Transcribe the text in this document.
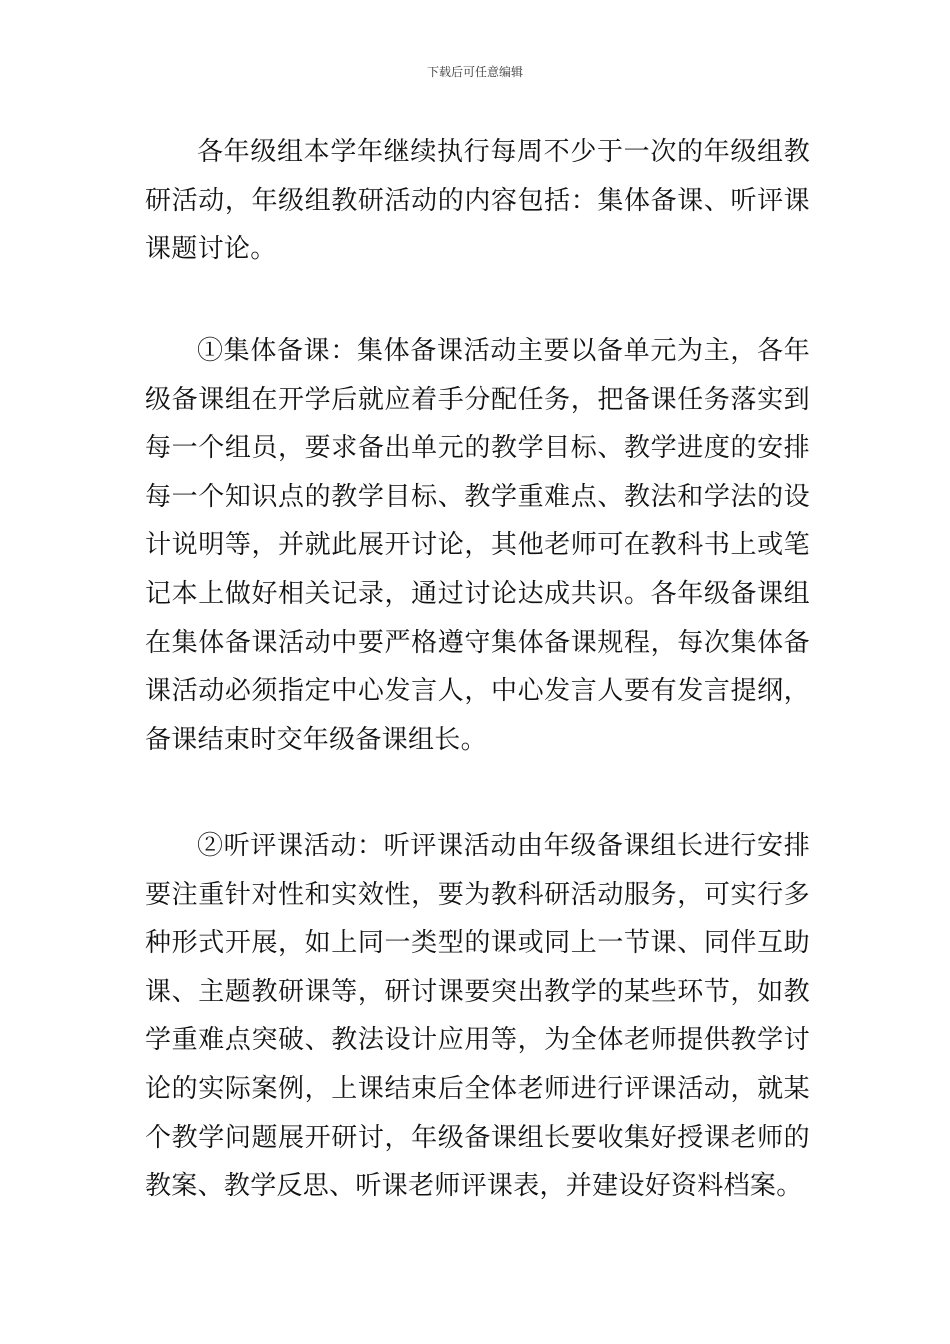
下载后可任意编辑

各年级组本学年继续执行每周不少于一次的年级组教研活动，年级组教研活动的内容包括：集体备课、听评课课题讨论。

①集体备课：集体备课活动主要以备单元为主，各年级备课组在开学后就应着手分配任务，把备课任务落实到每一个组员，要求备出单元的教学目标、教学进度的安排每一个知识点的教学目标、教学重难点、教法和学法的设计说明等，并就此展开讨论，其他老师可在教科书上或笔记本上做好相关记录，通过讨论达成共识。各年级备课组在集体备课活动中要严格遵守集体备课规程，每次集体备课活动必须指定中心发言人，中心发言人要有发言提纲，备课结束时交年级备课组长。

②听评课活动：听评课活动由年级备课组长进行安排要注重针对性和实效性，要为教科研活动服务，可实行多种形式开展，如上同一类型的课或同上一节课、同伴互助课、主题教研课等，研讨课要突出教学的某些环节，如教学重难点突破、教法设计应用等，为全体老师提供教学讨论的实际案例，上课结束后全体老师进行评课活动，就某个教学问题展开研讨，年级备课组长要收集好授课老师的教案、教学反思、听课老师评课表，并建设好资料档案。
